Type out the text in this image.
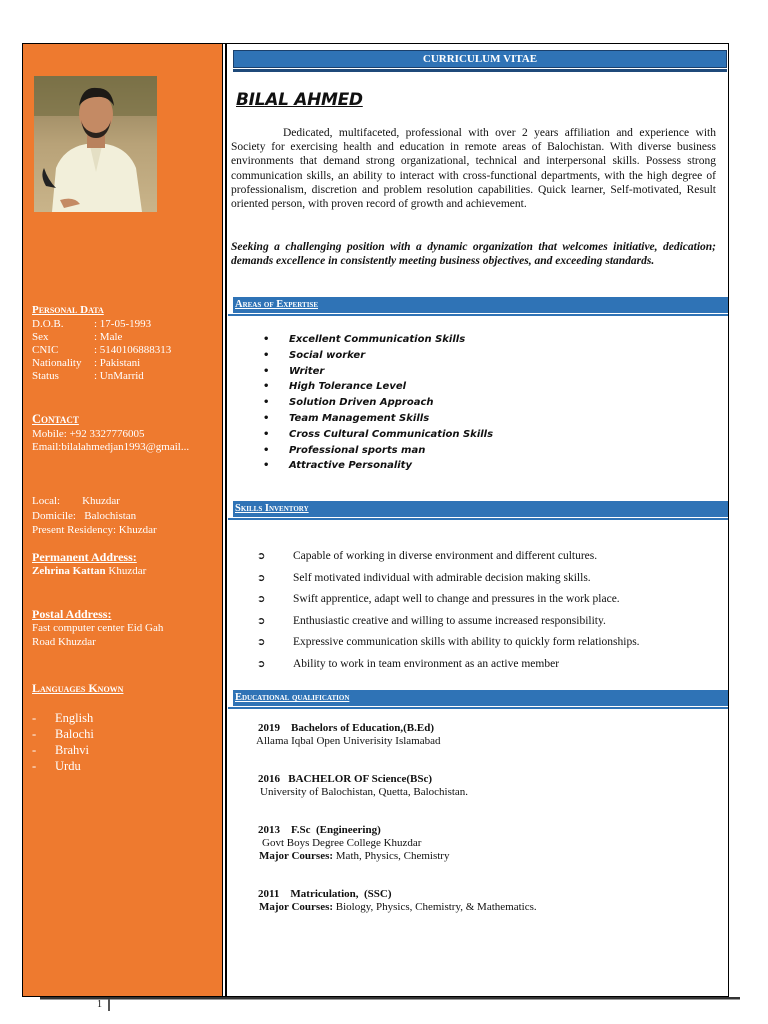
Personal Data
D.O.B.	: 17-05-1993
Sex	: Male
CNIC	: 5140106888313
Nationality	: Pakistani
Status	: UnMarrid
Contact
Mobile: +92 3327776005
Email:bilalahmedjan1993@gmail...
Local:        Khuzdar
Domicile:   Balochistan
Present Residency: Khuzdar
Permanent Address:
Zehrina Kattan Khuzdar
Postal Address:
Fast computer center Eid Gah
Road Khuzdar
Languages Known
-	English
-	Balochi
-	Brahvi
-	Urdu
CURRICULUM VITAE
BILAL AHMED
Dedicated, multifaceted, professional with over 2 years affiliation and experience with Society for exercising health and education in remote areas of Balochistan. With diverse business environments that demand strong organizational, technical and interpersonal skills. Possess strong communication skills, an ability to interact with cross-functional departments, with the high degree of professionalism, discretion and problem resolution capabilities. Quick learner, Self-motivated, Result oriented person, with proven record of growth and achievement.
Seeking a challenging position with a dynamic organization that welcomes initiative, dedication; demands excellence in consistently meeting business objectives, and exceeding standards.
Areas of Expertise
•	Excellent Communication Skills
•	Social worker
•	Writer
•	High Tolerance Level
•	Solution Driven Approach
•	Team Management Skills
•	Cross Cultural Communication Skills
•	Professional sports man
•	Attractive Personality
Skills Inventory
➲	Capable of working in diverse environment and different cultures.
➲	Self motivated individual with admirable decision making skills.
➲	Swift apprentice, adapt well to change and pressures in the work place.
➲	Enthusiastic creative and willing to assume increased responsibility.
➲	Expressive communication skills with ability to quickly form relationships.
➲	Ability to work in team environment as an active member
Educational qualification
2019    Bachelors of Education,(B.Ed)
Allama Iqbal Open Univerisity Islamabad
2016   BACHELOR OF Science(BSc)
University of Balochistan, Quetta, Balochistan.
2013    F.Sc  (Engineering)
Govt Boys Degree College Khuzdar
Major Courses: Math, Physics, Chemistry
2011    Matriculation,  (SSC)
Major Courses: Biology, Physics, Chemistry, & Mathematics.
1
